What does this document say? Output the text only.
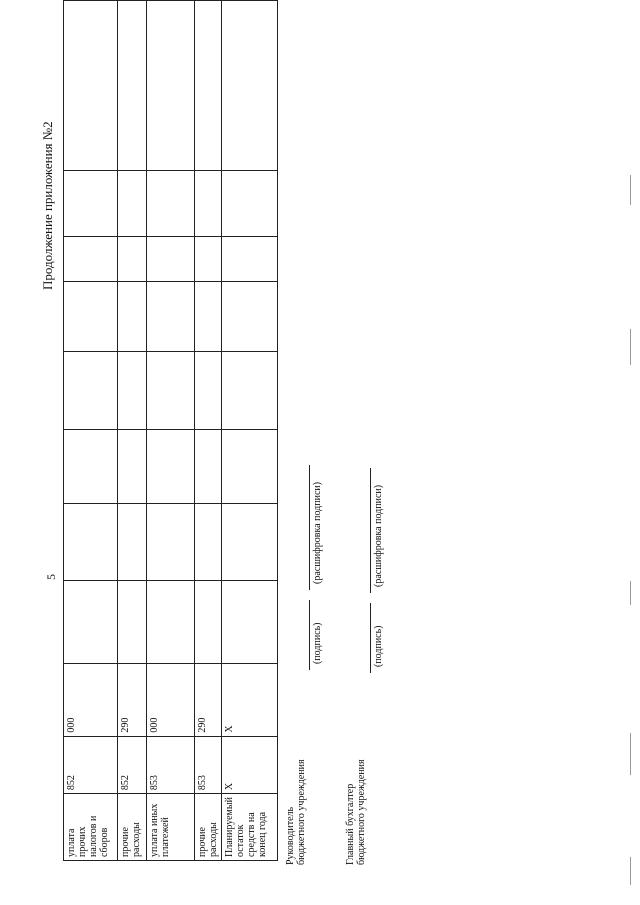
5
Продолжение приложения №2
уплата прочих налогов и сборов	852	000								
прочие расходы	852	290								
уплата иных платежей	853	000								
прочие расходы	853	290								
Планируемый остаток средств на конец года	X	X								
Руководитель бюджетного учреждения
(подпись)
(расшифровка подписи)
Главный бухгалтер бюджетного учреждения
(подпись)
(расшифровка подписи)
